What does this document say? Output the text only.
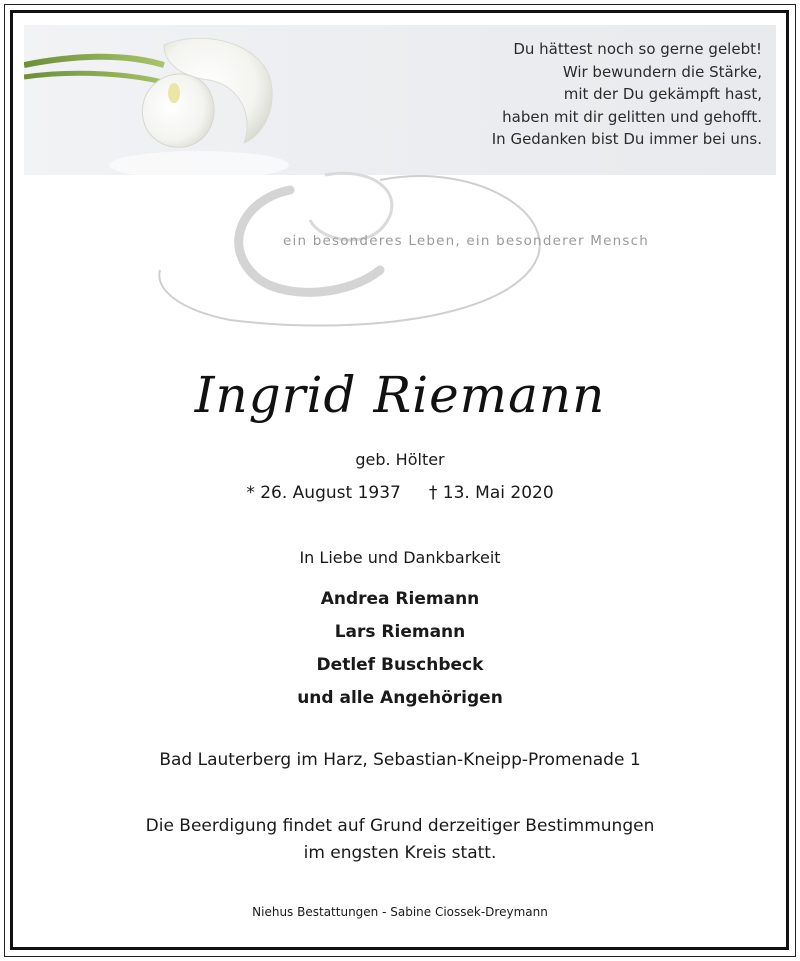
Du hättest noch so gerne gelebt!
Wir bewundern die Stärke,
mit der Du gekämpft hast,
haben mit dir gelitten und gehofft.
In Gedanken bist Du immer bei uns.
ein besonderes Leben, ein besonderer Mensch
Ingrid Riemann
geb. Hölter
* 26. August 1937 † 13. Mai 2020
In Liebe und Dankbarkeit
Andrea Riemann
Lars Riemann
Detlef Buschbeck
und alle Angehörigen
Bad Lauterberg im Harz, Sebastian-Kneipp-Promenade 1
Die Beerdigung findet auf Grund derzeitiger Bestimmungen
im engsten Kreis statt.
Niehus Bestattungen - Sabine Ciossek-Dreymann
